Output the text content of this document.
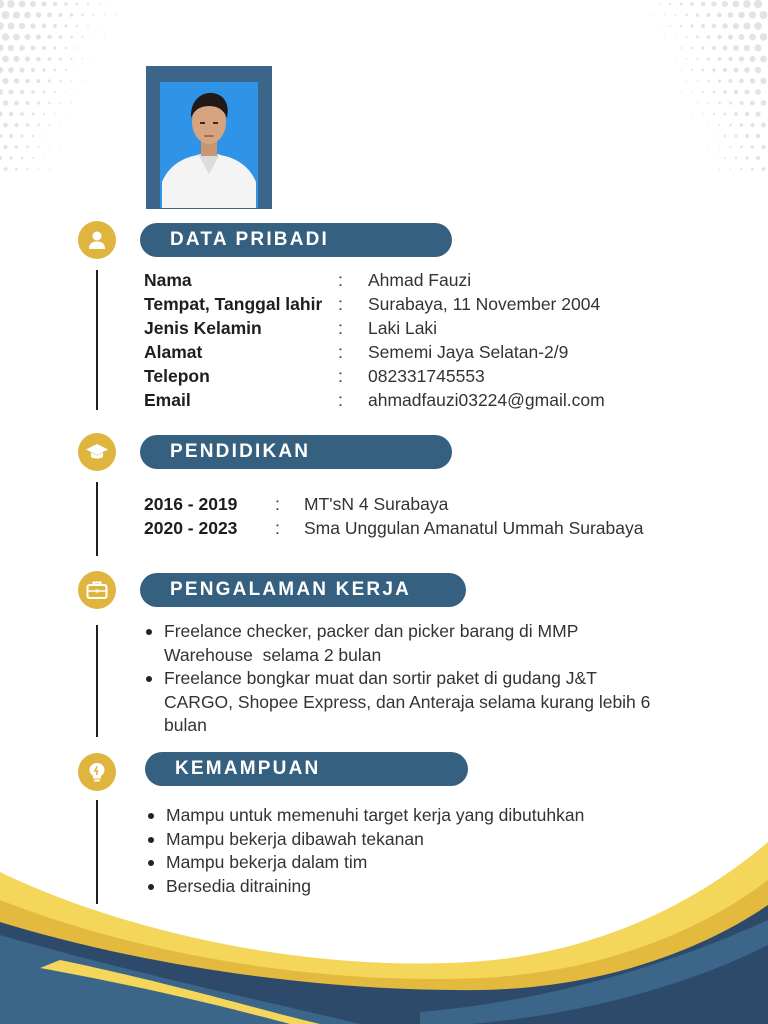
DATA PRIBADI
Nama	: Ahmad Fauzi
Tempat, Tanggal lahir : Surabaya, 11 November 2004
Jenis Kelamin	: Laki Laki
Alamat	: Sememi Jaya Selatan-2/9
Telepon	: 082331745553
Email	: ahmadfauzi03224@gmail.com
PENDIDIKAN
2016 - 2019 : MT'sN 4 Surabaya
2020 - 2023 : Sma Unggulan Amanatul Ummah Surabaya
PENGALAMAN KERJA
Freelance checker, packer dan picker barang di MMP
Warehouse  selama 2 bulan
Freelance bongkar muat dan sortir paket di gudang J&T
CARGO, Shopee Express, dan Anteraja selama kurang lebih 6
bulan
KEMAMPUAN
Mampu untuk memenuhi target kerja yang dibutuhkan
Mampu bekerja dibawah tekanan
Mampu bekerja dalam tim
Bersedia ditraining
